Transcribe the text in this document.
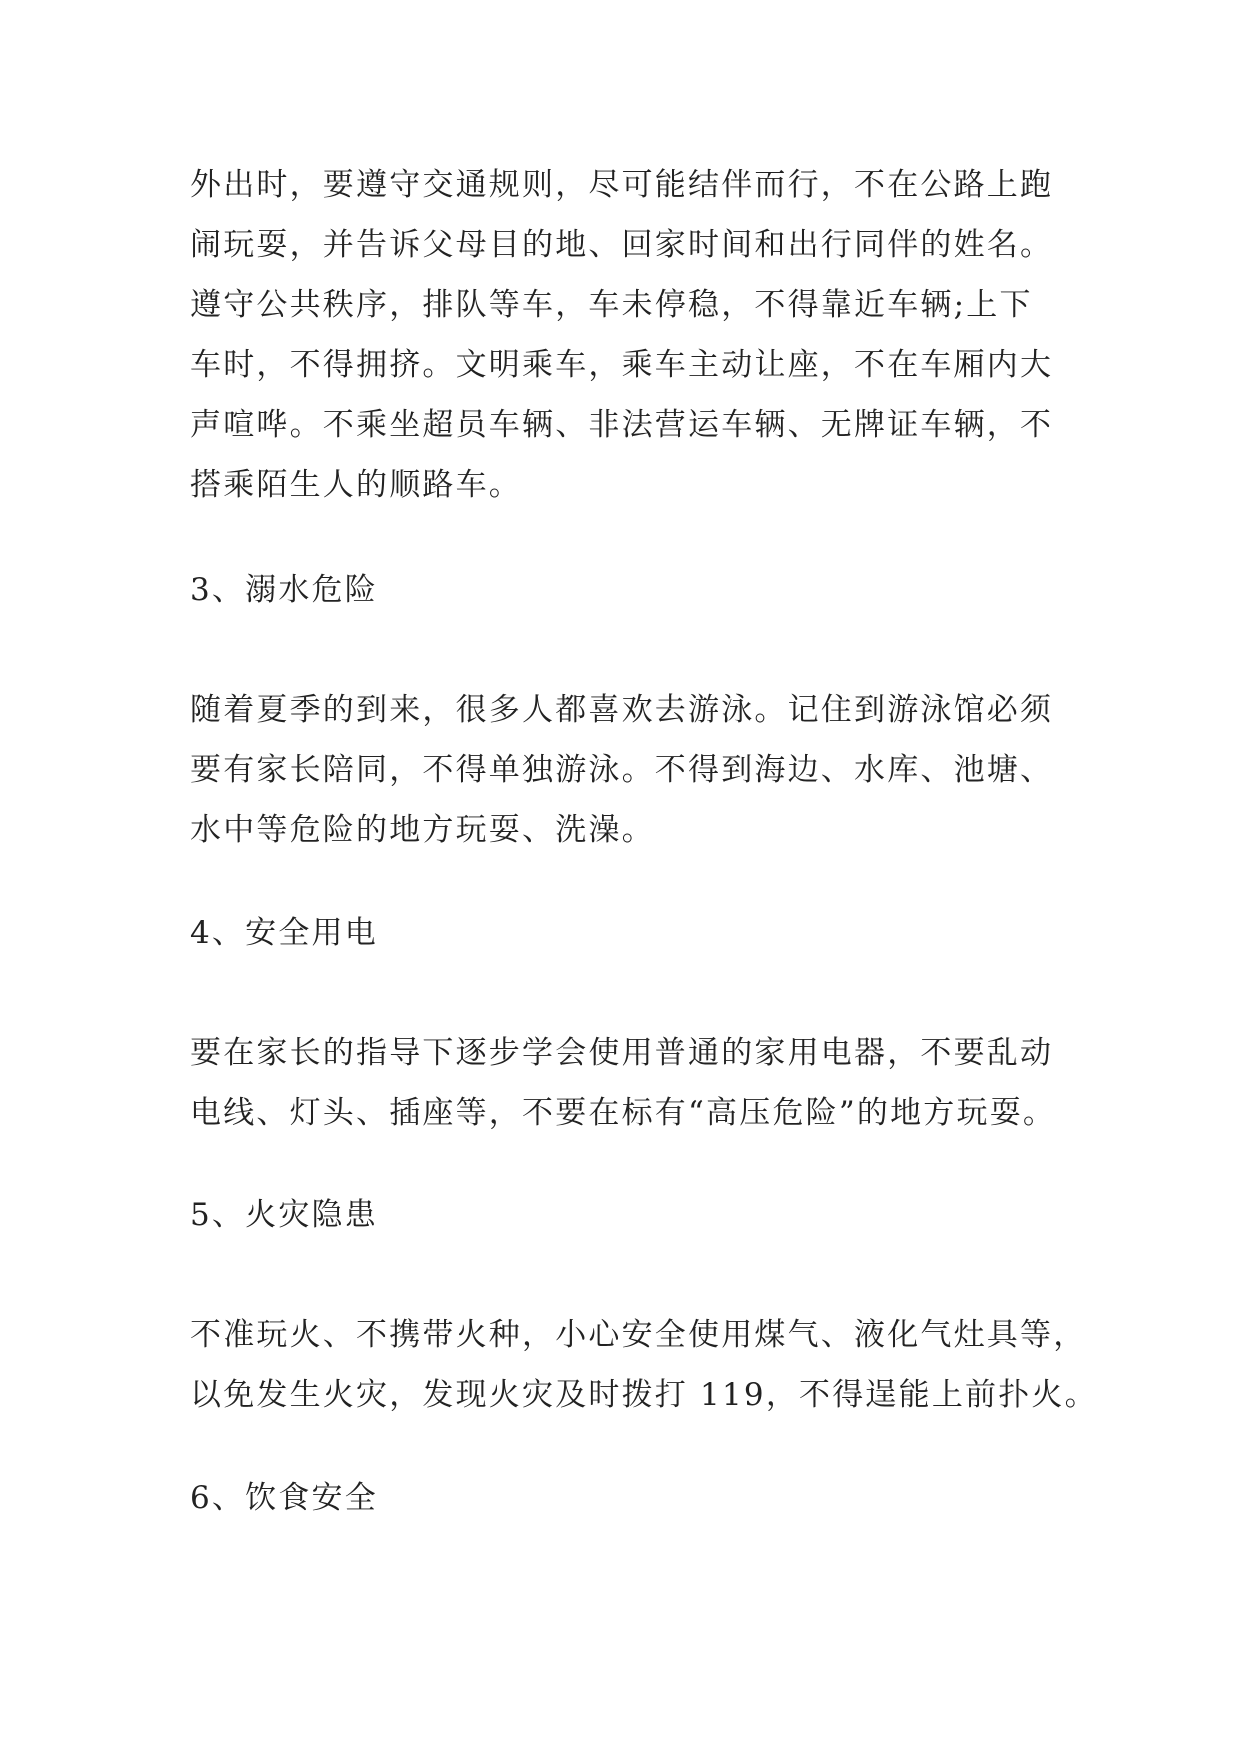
外出时，要遵守交通规则，尽可能结伴而行，不在公路上跑
闹玩耍，并告诉父母目的地、回家时间和出行同伴的姓名。
遵守公共秩序，排队等车，车未停稳，不得靠近车辆;上下
车时，不得拥挤。文明乘车，乘车主动让座，不在车厢内大
声喧哗。不乘坐超员车辆、非法营运车辆、无牌证车辆，不
搭乘陌生人的顺路车。
3、溺水危险
随着夏季的到来，很多人都喜欢去游泳。记住到游泳馆必须
要有家长陪同，不得单独游泳。不得到海边、水库、池塘、
水中等危险的地方玩耍、洗澡。
4、安全用电
要在家长的指导下逐步学会使用普通的家用电器，不要乱动
电线、灯头、插座等，不要在标有“高压危险”的地方玩耍。
5、火灾隐患
不准玩火、不携带火种，小心安全使用煤气、液化气灶具等，
以免发生火灾，发现火灾及时拨打 119，不得逞能上前扑火。
6、饮食安全
